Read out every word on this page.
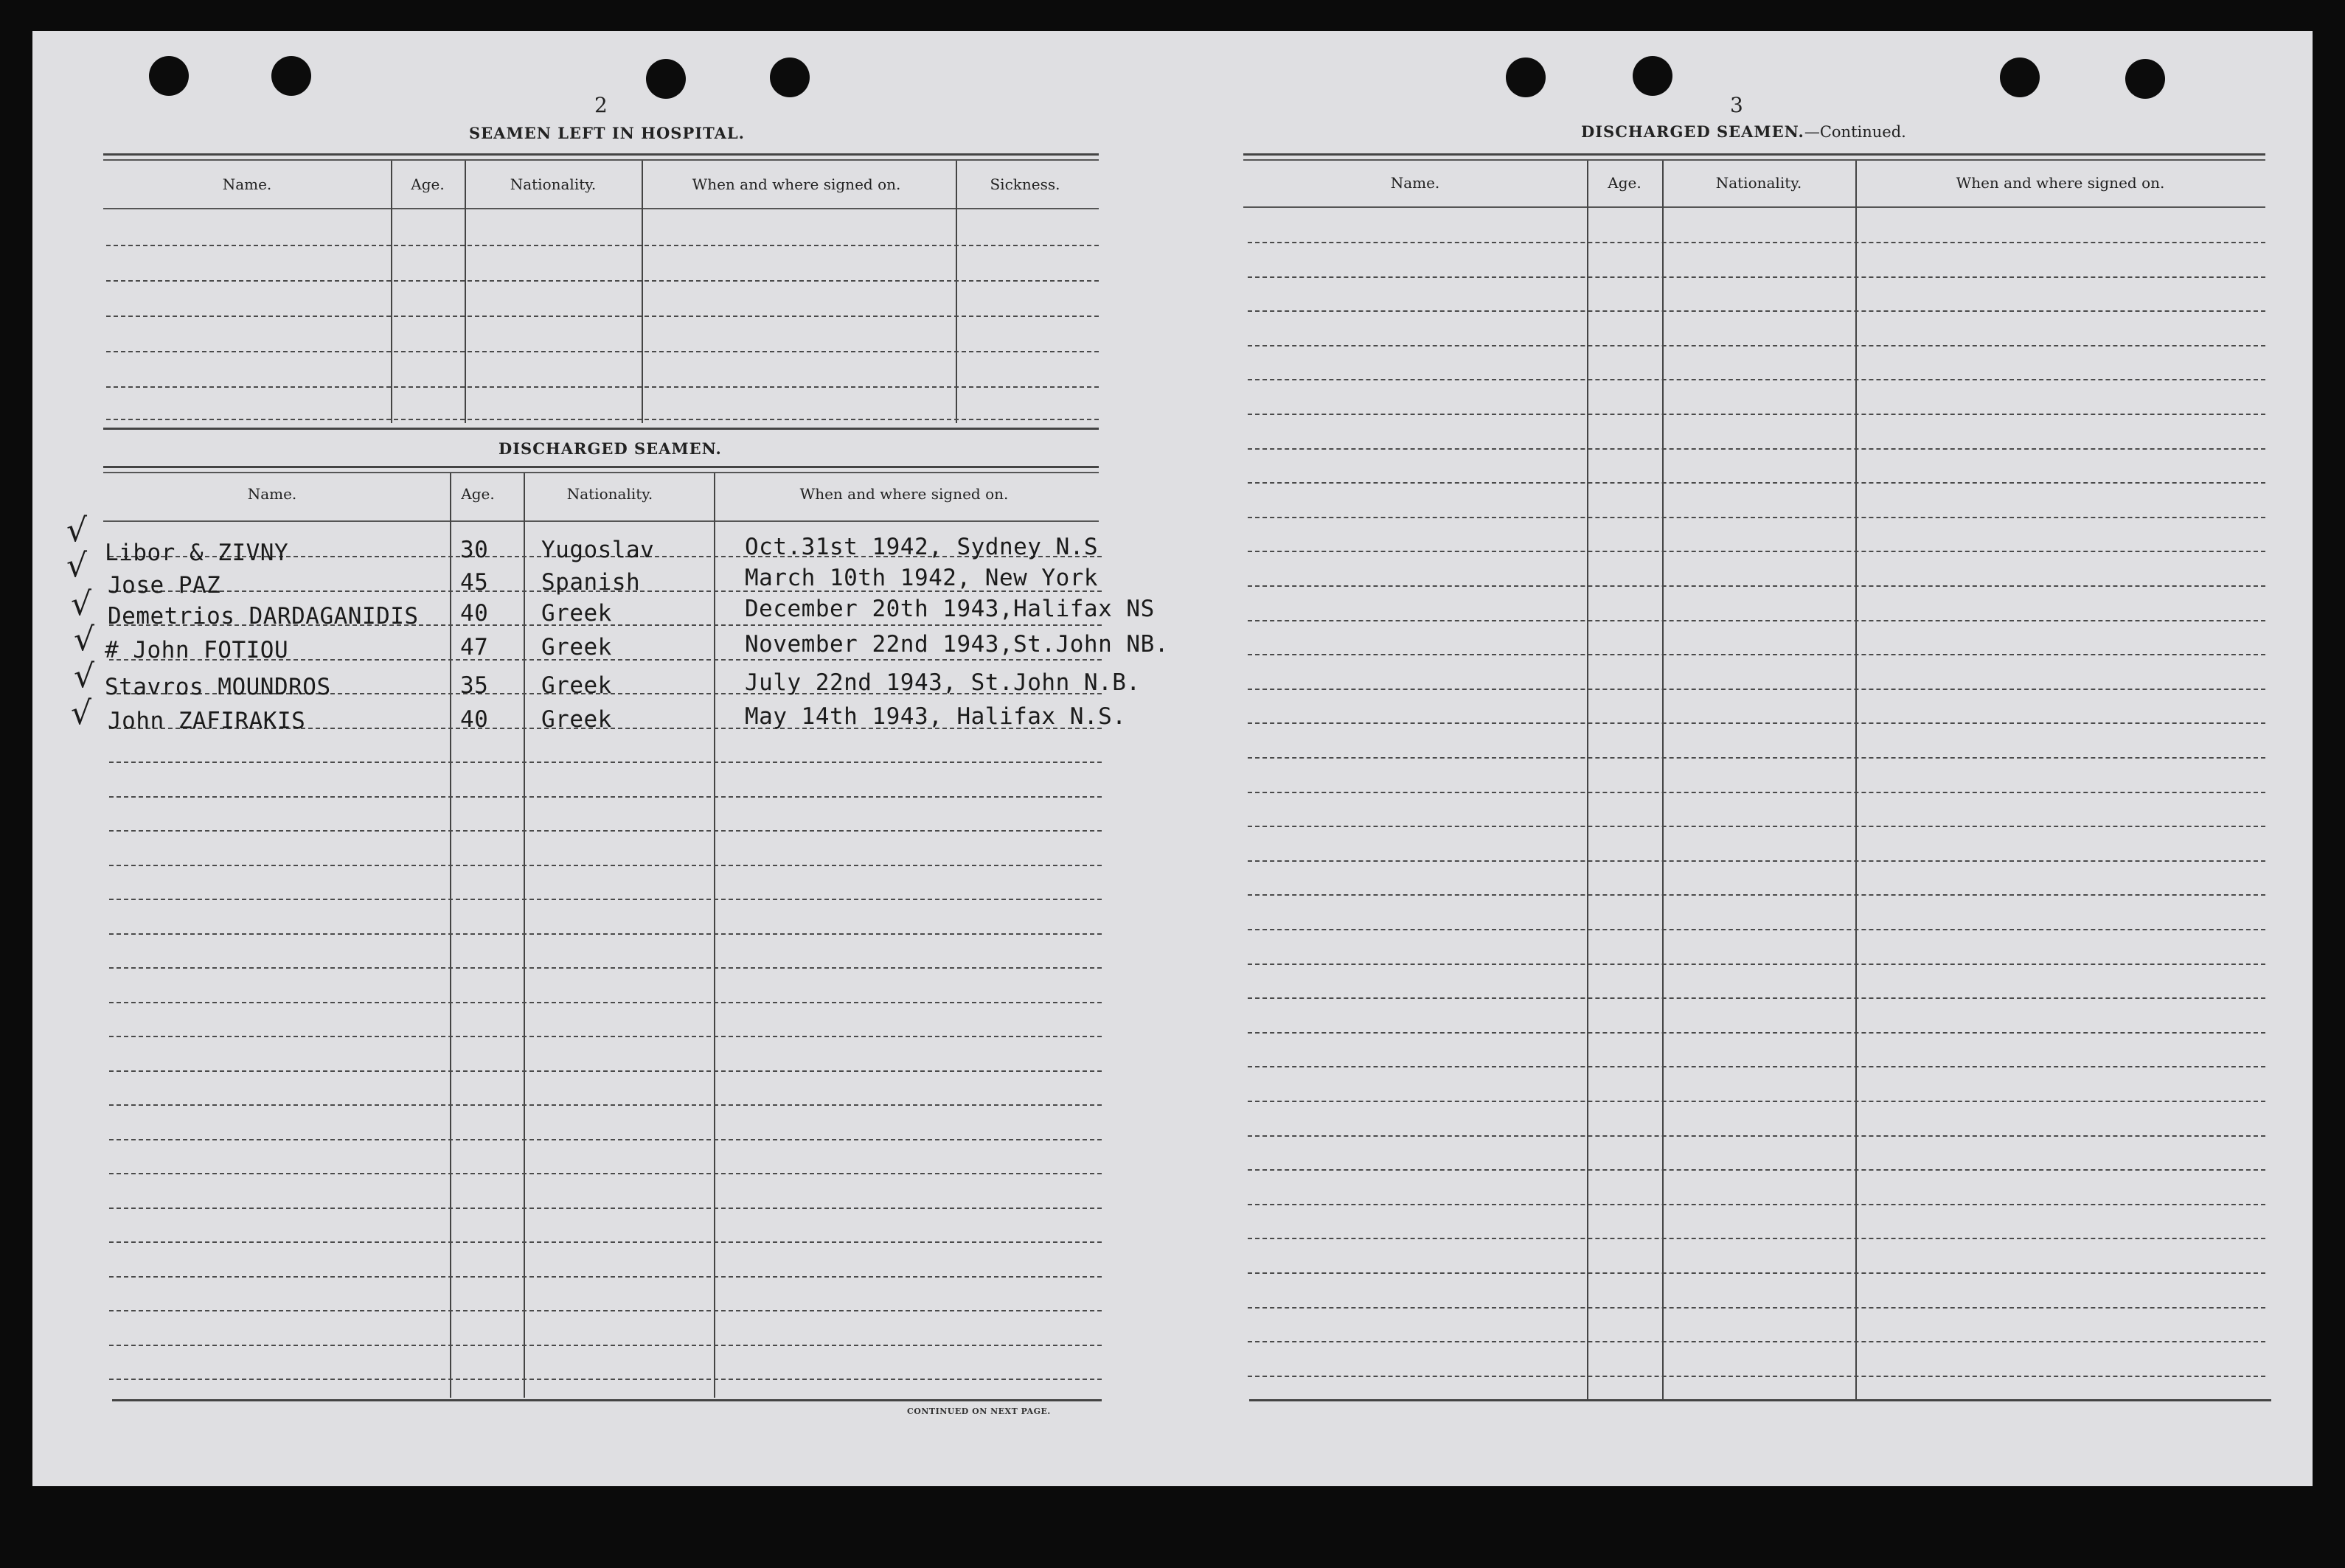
2
SEAMEN LEFT IN HOSPITAL.
Name.	Age.	Nationality.	When and where signed on.	Sickness.
DISCHARGED SEAMEN.
Name.	Age.	Nationality.	When and where signed on.
√
√
√
√
√
√
Libor & ZIVNY	30 Yugoslav	Oct.31st 1942, Sydney N.S
Jose PAZ	45 Spanish	March 10th 1942, New York
Demetrios DARDAGANIDIS 40 Greek	December 20th 1943,Halifax NS
# John FOTIOU	47 Greek	November 22nd 1943,St.John NB.
Stavros MOUNDROS	35 Greek	July 22nd 1943, St.John N.B.
John ZAFIRAKIS	40 Greek	May 14th 1943, Halifax N.S.
CONTINUED ON NEXT PAGE.
3
DISCHARGED SEAMEN.—Continued.
Name.	Age.	Nationality.	When and where signed on.
